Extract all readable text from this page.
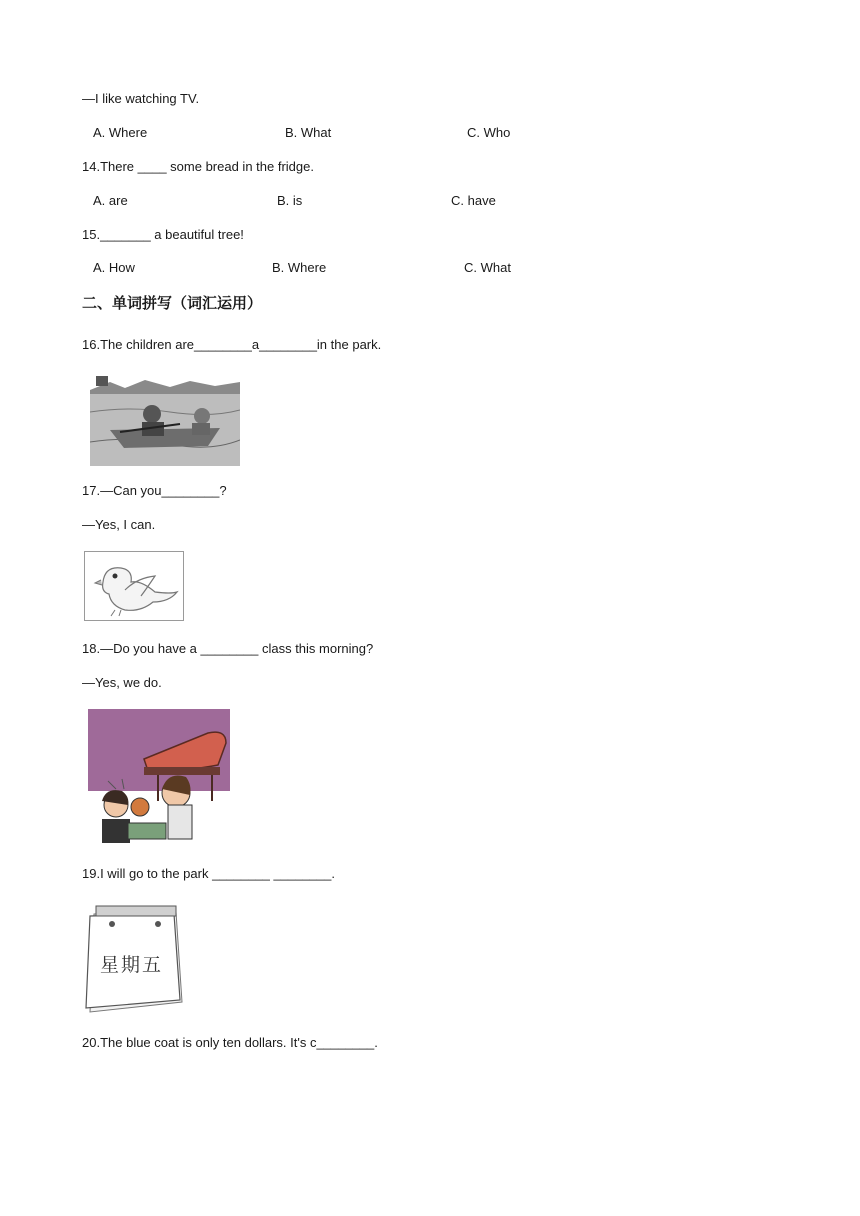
—I like watching TV.
A. Where	B. What	C. Who
14.There ____ some bread in the fridge.
A. are	B. is	C. have
15._______ a beautiful tree!
A. How	B. Where	C. What
二、单词拼写（词汇运用）
16.The children are________a________in the park.
17.—Can you________?
—Yes, I can.
18.—Do you have a ________ class this morning?
—Yes, we do.
19.I will go to the park ________ ________.
星期五
20.The blue coat is only ten dollars. It's c________.
